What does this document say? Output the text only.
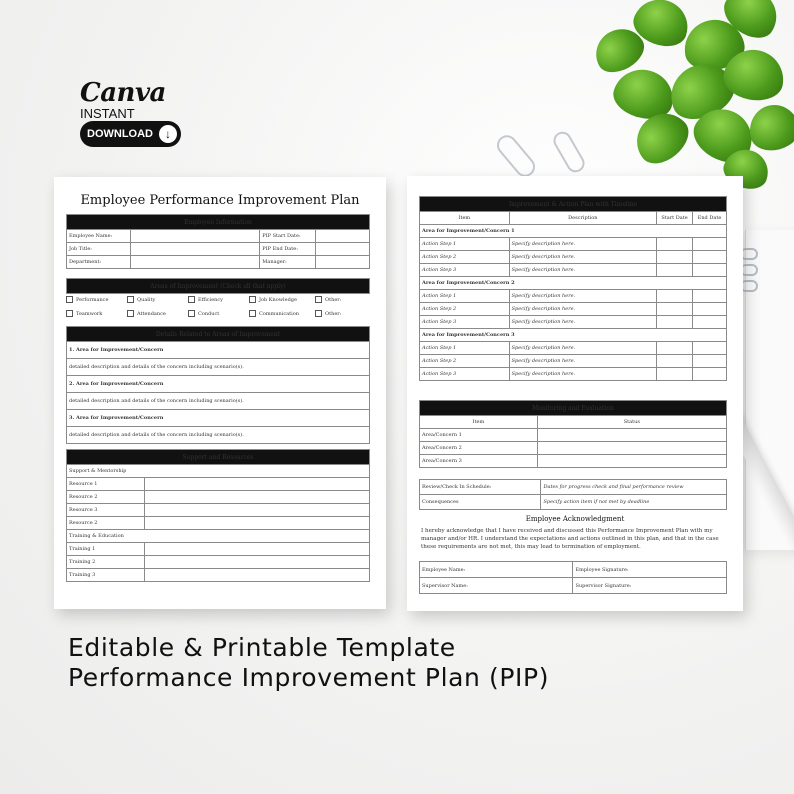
Canva
INSTANT
DOWNLOAD	↓
Employee Performance Improvement Plan
Employee Information			
Employee Name:		PIP Start Date:	
Job Title:		PIP End Date:	
Department:		Manager:	
Areas of Improvement (Check all that apply)
Performance	Quality	Efficiency	Job Knowledge	Other:
Teamwork	Attendance	Conduct	Communication	Other:
Details Related to Areas of Improvement
1. Area for Improvement/Concern
detailed description and details of the concern including scenario(s).
2. Area for Improvement/Concern
detailed description and details of the concern including scenario(s).
3. Area for Improvement/Concern
detailed description and details of the concern including scenario(s).
Support and Resources	
Support & Mentorship	
Resource 1	
Resource 2	
Resource 3	
Resource 2	
Training & Education	
Training 1	
Training 2	
Training 3	
Improvement & Action Plan with Timeline			
Item	Description	Start Date	End Date
Area for Improvement/Concern 1			
Action Step 1	Specify description here.		
Action Step 2	Specify description here.		
Action Step 3	Specify description here.		
Area for Improvement/Concern 2			
Action Step 1	Specify description here.		
Action Step 2	Specify description here.		
Action Step 3	Specify description here.		
Area for Improvement/Concern 3			
Action Step 1	Specify description here.		
Action Step 2	Specify description here.		
Action Step 3	Specify description here.		
Monitoring and Evaluation	
Item	Status
Area/Concern 1	
Area/Concern 2	
Area/Concern 3	
Review/Check In Schedule:	Dates for progress check and final performance review
Consequences	Specify action item if not met by deadline
Employee Acknowledgment
I hereby acknowledge that I have received and discussed this Performance Improvement Plan with my manager and/or HR. I understand the expectations and actions outlined in this plan, and that in the case these requirements are not met, this may lead to termination of employment.
Employee Name:	Employee Signature:
Supervisor Name:	Supervisor Signature:
Editable & Printable Template
Performance Improvement Plan (PIP)
